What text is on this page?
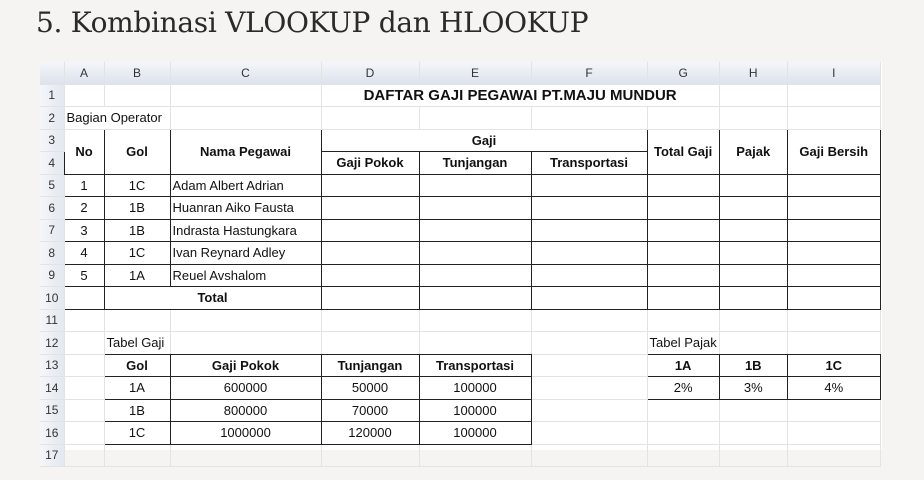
5. Kombinasi VLOOKUP dan HLOOKUP
	A	B	C	D	E	F	G	H	I
1				DAFTAR GAJI PEGAWAI PT.MAJU MUNDUR					
2	Bagian Operator								
3	No	Gol	Nama Pegawai	Gaji			Total Gaji	Pajak	Gaji Bersih
4				Gaji Pokok	Tunjangan	Transportasi			
5	1	1C	Adam Albert Adrian						
6	2	1B	Huanran Aiko Fausta						
7	3	1B	Indrasta Hastungkara						
8	4	1C	Ivan Reynard Adley						
9	5	1A	Reuel Avshalom						
10		Total							
11									
12		Tabel Gaji					Tabel Pajak		
13		Gol	Gaji Pokok	Tunjangan	Transportasi		1A	1B	1C
14		1A	600000	50000	100000		2%	3%	4%
15		1B	800000	70000	100000				
16		1C	1000000	120000	100000				
17									
